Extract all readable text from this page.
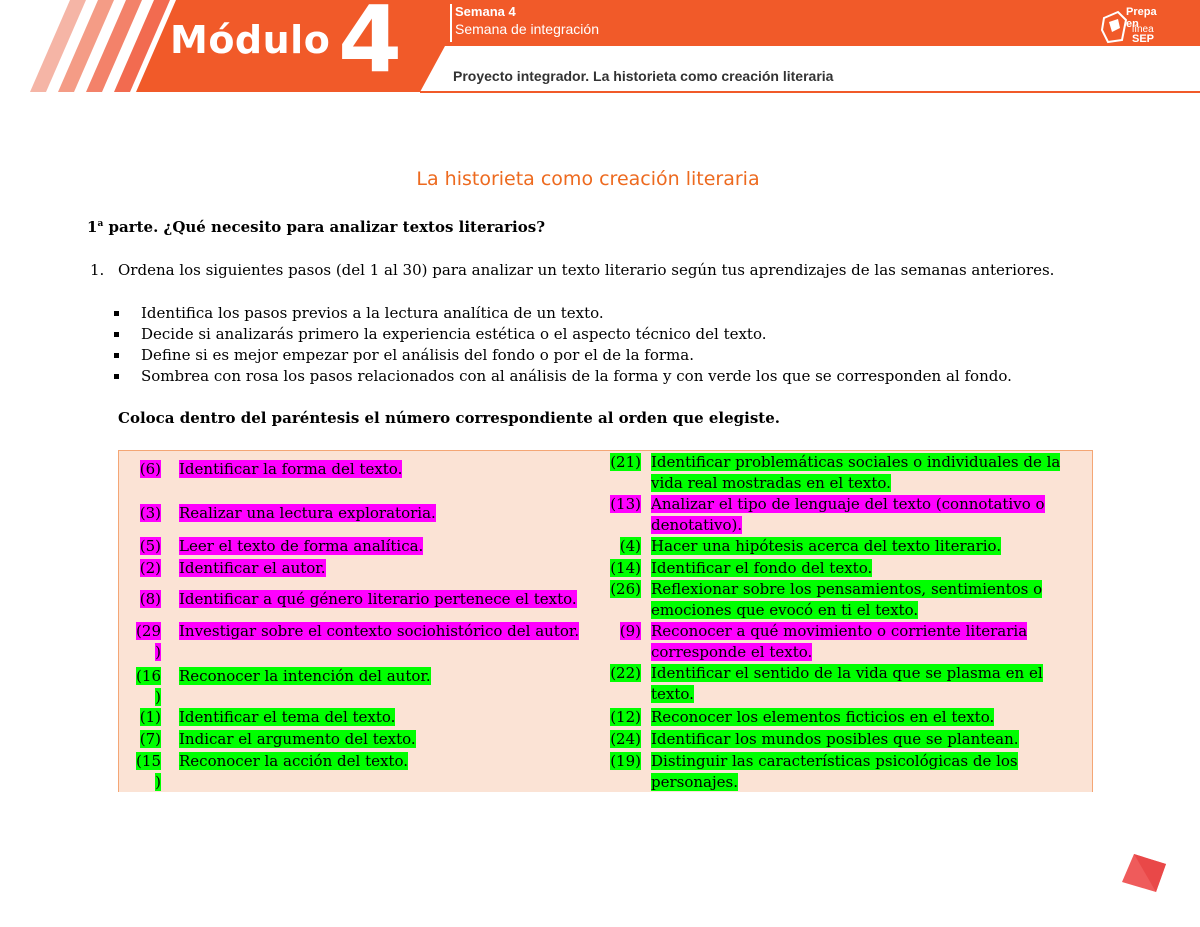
Módulo 4	Semana 4
Semana de integración
Proyecto integrador. La historieta como creación literaria
Prepa en
línea
SEP
La historieta como creación literaria
1$^a$ parte. ¿Qué necesito para analizar textos literarios?
1. Ordena los siguientes pasos (del 1 al 30) para analizar un texto literario según tus aprendizajes de las semanas anteriores.
Identifica los pasos previos a la lectura analítica de un texto.
Decide si analizarás primero la experiencia estética o el aspecto técnico del texto.
Define si es mejor empezar por el análisis del fondo o por el de la forma.
Sombrea con rosa los pasos relacionados con al análisis de la forma y con verde los que se corresponden al fondo.
Coloca dentro del paréntesis el número correspondiente al orden que elegiste.
(6) Identificar la forma del texto.
(3) Realizar una lectura exploratoria.
(5) Leer el texto de forma analítica.
(2) Identificar el autor.
(8) Identificar a qué género literario pertenece el texto.
(29
)
Investigar sobre el contexto sociohistórico del autor.
(16
)
Reconocer la intención del autor.
(1) Identificar el tema del texto.
(7) Indicar el argumento del texto.
(15
)
Reconocer la acción del texto.
(21) Identificar problemáticas sociales o individuales de la vida real mostradas en el texto.
(13) Analizar el tipo de lenguaje del texto (connotativo o denotativo).
(4) Hacer una hipótesis acerca del texto literario.
(14) Identificar el fondo del texto.
(26) Reflexionar sobre los pensamientos, sentimientos o emociones que evocó en ti el texto.
(9) Reconocer a qué movimiento o corriente literaria corresponde el texto.
(22) Identificar el sentido de la vida que se plasma en el texto.
(12) Reconocer los elementos ficticios en el texto.
(24) Identificar los mundos posibles que se plantean.
(19) Distinguir las características psicológicas de los personajes.
